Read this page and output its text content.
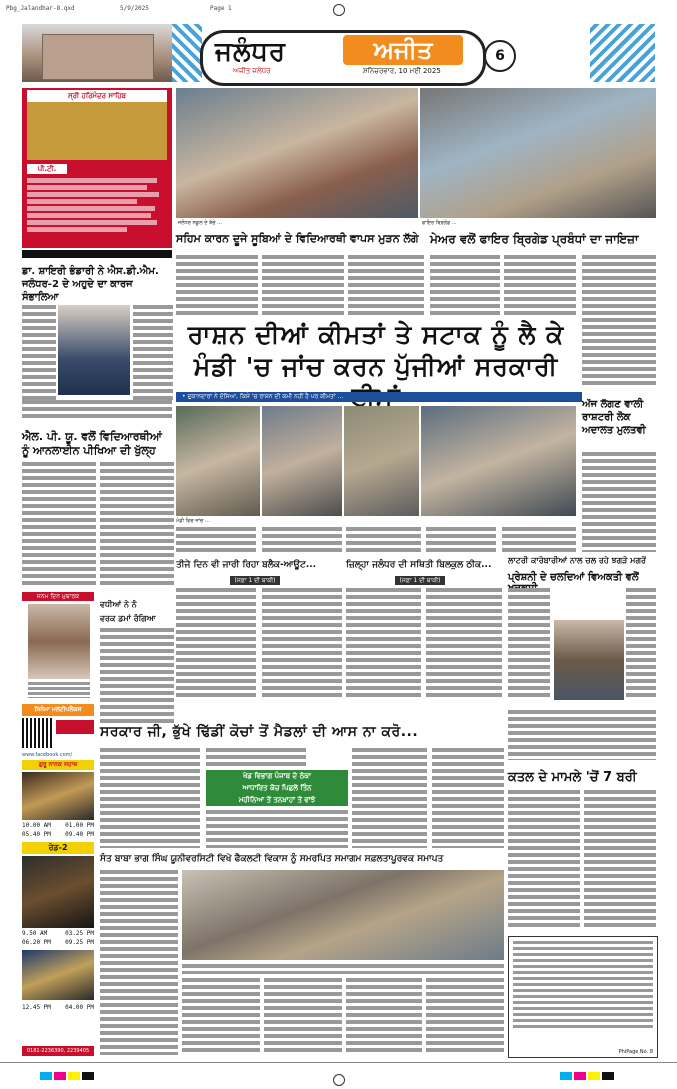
Pbg_Jalandhar-8.qxd	5/9/2025	Page 1
ਜਲੰਧਰ	ਅਜੀਤ
ਅਜੀਤ ਜਲੰਧਰ	ਸ਼ਨਿਚਰਵਾਰ, 10 ਮਈ 2025
6
ਸ੍ਰੀ ਹਰਿਮੰਦਰ ਸਾਹਿਬ
ਪੀ.ਟੀ.
ਜਲੰਧਰ ਸਕੂਲ ਦੇ ਬੱਚੇ ...	ਫਾਇਰ ਬ੍ਰਿਗੇਡ ...
ਸਹਿਮ ਕਾਰਨ ਦੂਜੇ ਸੂਬਿਆਂ ਦੇ ਵਿਦਿਆਰਥੀ ਵਾਪਸ ਮੁੜਨ ਲੱਗੇ ਮੇਅਰ ਵਲੋਂ ਫਾਇਰ ਬ੍ਰਿਗੇਡ ਪ੍ਰਬੰਧਾਂ ਦਾ ਜਾਇਜ਼ਾ
ਡਾ. ਸ਼ਾਇਰੀ ਭੰਡਾਰੀ ਨੇ ਐਸ.ਡੀ.ਐਮ. ਜਲੰਧਰ-2 ਦੇ ਅਹੁਦੇ ਦਾ ਕਾਰਜ ਸੰਭਾਲਿਆ
ਐਲ. ਪੀ. ਯੂ. ਵਲੋਂ ਵਿਦਿਆਰਥੀਆਂ ਨੂੰ ਆਨਲਾਈਨ ਪੀਖਿਆ ਦੀ ਖੁੱਲ੍ਹ
ਜਨਮ ਦਿਨ ਮੁਬਾਰਕ
ਵਧੀਆਂ ਨੇ ਨੰ
ਵਰਕ ਡਮਾਂ ਰੰਗਿਆ
ਸਿਨੇਮਾ ਮਲਟੀਪਲੈਕਸ
www.facebook.com/
ਗੁਰੂ ਨਾਨਕ ਜਹਾਜ਼
10.00 AM 01.00 PM
05.40 PM 09.40 PM
ਰੇਡ-2
9.50 AM	03.25 PM
06.20 PM 09.25 PM
12.45 PM 04.00 PM
0181-2236390, 2239405
ਰਾਸ਼ਨ ਦੀਆਂ ਕੀਮਤਾਂ ਤੇ ਸਟਾਕ ਨੂੰ ਲੈ ਕੇ
ਮੰਡੀ 'ਚ ਜਾਂਚ ਕਰਨ ਪੁੱਜੀਆਂ ਸਰਕਾਰੀ
• ਦੁਕਾਨਦਾਰਾਂ ਨੇ ਦੱਸਿਆ, ਕਿਸੇ 'ਚ ਰਾਸ਼ਨ ਦੀ ਕਮੀ ਨਹੀਂ ਹੈ ਪਰ ਕੀਮਤਾਂ ...
ਅੱਜ ਲੱਗਣ ਵਾਲੀ ਰਾਸ਼ਟਰੀ ਲੋਕ ਅਦਾਲਤ ਮੁਲਤਵੀ
ਮੰਡੀ ਵਿਚ ਜਾਂਚ ...
ਤੀਜੇ ਦਿਨ ਵੀ ਜਾਰੀ ਰਿਹਾ ਬਲੈਕ-ਆਊਟ...	ਜ਼ਿਲ੍ਹਾ ਜਲੰਧਰ ਦੀ ਸਥਿਤੀ ਬਿਲਕੁਲ ਠੀਕ...	ਲਾਟਰੀ ਕਾਰੋਬਾਰੀਆਂ ਨਾਲ ਚਲ ਰਹੇ ਝਗੜੇ ਮਗਰੋਂ
ਪ੍ਰੇਸ਼ਨੀ ਦੇ ਚਲਦਿਆਂ ਵਿਅਕਤੀ ਵਲੋਂ
(ਸਫ਼ਾ 1 ਦੀ ਬਾਕੀ)	(ਸਫ਼ਾ 1 ਦੀ ਬਾਕੀ)
ਸਰਕਾਰ ਜੀ, ਭੁੱਖੇ ਢਿੱਡੀਂ ਕੋਚਾਂ ਤੋਂ ਮੈਡਲਾਂ ਦੀ ਆਸ ਨਾ ਕਰੋ...
ਖੇਡ ਵਿਭਾਗ ਪੰਜਾਬ ਦੇ ਠੇਕਾ
ਆਧਾਰਿਤ ਕੋਚ ਪਿਛਲੇ ਤਿੰਨ
ਮਹੀਨਿਆਂ ਤੋਂ ਤਨਖ਼ਾਹਾਂ ਤੋਂ ਵਾਂਝੇ
ਕਤਲ ਦੇ ਮਾਮਲੇ 'ਚੋਂ 7 ਬਰੀ
ਸੰਤ ਬਾਬਾ ਭਾਗ ਸਿੰਘ ਯੂਨੀਵਰਸਿਟੀ ਵਿਖੇ ਫੈਕਲਟੀ ਵਿਕਾਸ ਨੂੰ ਸਮਰਪਿਤ ਸਮਾਗਮ ਸਫ਼ਲਤਾਪੂਰਵਕ ਸਮਾਪਤ
PhiPage No. 8
